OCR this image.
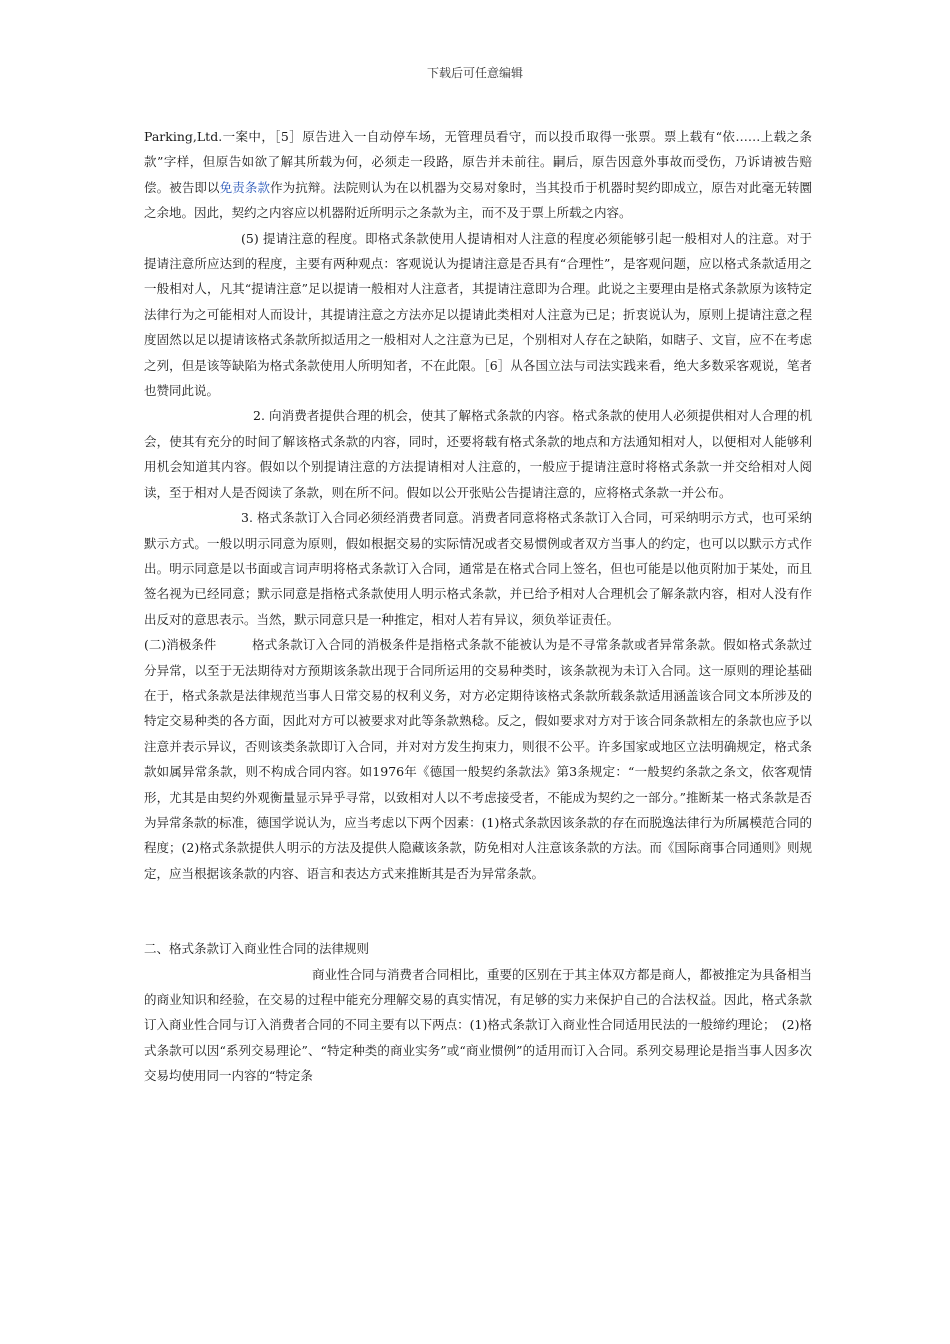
下载后可任意编辑

Parking,Ltd.一案中，［5］原告进入一自动停车场，无管理员看守，而以投币取得一张票。票上载有“依……上载之条款”字样，但原告如欲了解其所载为何，必须走一段路，原告并未前往。嗣后，原告因意外事故而受伤，乃诉请被告赔偿。被告即以免责条款作为抗辩。法院则认为在以机器为交易对象时，当其投币于机器时契约即成立，原告对此毫无转圜之余地。因此，契约之内容应以机器附近所明示之条款为主，而不及于票上所载之内容。

(5) 提请注意的程度。即格式条款使用人提请相对人注意的程度必须能够引起一般相对人的注意。对于提请注意所应达到的程度，主要有两种观点：客观说认为提请注意是否具有“合理性”，是客观问题，应以格式条款适用之一般相对人，凡其“提请注意”足以提请一般相对人注意者，其提请注意即为合理。此说之主要理由是格式条款原为该特定法律行为之可能相对人而设计，其提请注意之方法亦足以提请此类相对人注意为已足；折衷说认为，原则上提请注意之程度固然以足以提请该格式条款所拟适用之一般相对人之注意为已足，个别相对人存在之缺陷，如瞎子、文盲，应不在考虑之列，但是该等缺陷为格式条款使用人所明知者，不在此限。［6］从各国立法与司法实践来看，绝大多数采客观说，笔者也赞同此说。

2. 向消费者提供合理的机会，使其了解格式条款的内容。格式条款的使用人必须提供相对人合理的机会，使其有充分的时间了解该格式条款的内容，同时，还要将载有格式条款的地点和方法通知相对人，以便相对人能够利用机会知道其内容。假如以个别提请注意的方法提请相对人注意的，一般应于提请注意时将格式条款一并交给相对人阅读，至于相对人是否阅读了条款，则在所不问。假如以公开张贴公告提请注意的，应将格式条款一并公布。

3. 格式条款订入合同必须经消费者同意。消费者同意将格式条款订入合同，可采纳明示方式，也可采纳默示方式。一般以明示同意为原则，假如根据交易的实际情况或者交易惯例或者双方当事人的约定，也可以以默示方式作出。明示同意是以书面或言词声明将格式条款订入合同，通常是在格式合同上签名，但也可能是以他页附加于某处，而且签名视为已经同意；默示同意是指格式条款使用人明示格式条款，并已给予相对人合理机会了解条款内容，相对人没有作出反对的意思表示。当然，默示同意只是一种推定，相对人若有异议，须负举证责任。

(二)消极条件	格式条款订入合同的消极条件是指格式条款不能被认为是不寻常条款或者异常条款。假如格式条款过分异常，以至于无法期待对方预期该条款出现于合同所运用的交易种类时，该条款视为未订入合同。这一原则的理论基础在于，格式条款是法律规范当事人日常交易的权利义务，对方必定期待该格式条款所载条款适用涵盖该合同文本所涉及的特定交易种类的各方面，因此对方可以被要求对此等条款熟稔。反之，假如要求对方对于该合同条款相左的条款也应予以注意并表示异议，否则该类条款即订入合同，并对对方发生拘束力，则很不公平。许多国家或地区立法明确规定，格式条款如属异常条款，则不构成合同内容。如1976年《德国一般契约条款法》第3条规定：“一般契约条款之条文，依客观情形，尤其是由契约外观衡量显示异乎寻常，以致相对人以不考虑接受者，不能成为契约之一部分。”推断某一格式条款是否为异常条款的标准，德国学说认为，应当考虑以下两个因素：(1)格式条款因该条款的存在而脱逸法律行为所属模范合同的程度；(2)格式条款提供人明示的方法及提供人隐藏该条款，防免相对人注意该条款的方法。而《国际商事合同通则》则规定，应当根据该条款的内容、语言和表达方式来推断其是否为异常条款。

二、格式条款订入商业性合同的法律规则

商业性合同与消费者合同相比，重要的区别在于其主体双方都是商人，都被推定为具备相当的商业知识和经验，在交易的过程中能充分理解交易的真实情况，有足够的实力来保护自己的合法权益。因此，格式条款订入商业性合同与订入消费者合同的不同主要有以下两点：(1)格式条款订入商业性合同适用民法的一般缔约理论；　(2)格式条款可以因“系列交易理论”、“特定种类的商业实务”或“商业惯例”的适用而订入合同。系列交易理论是指当事人因多次交易均使用同一内容的“特定条
